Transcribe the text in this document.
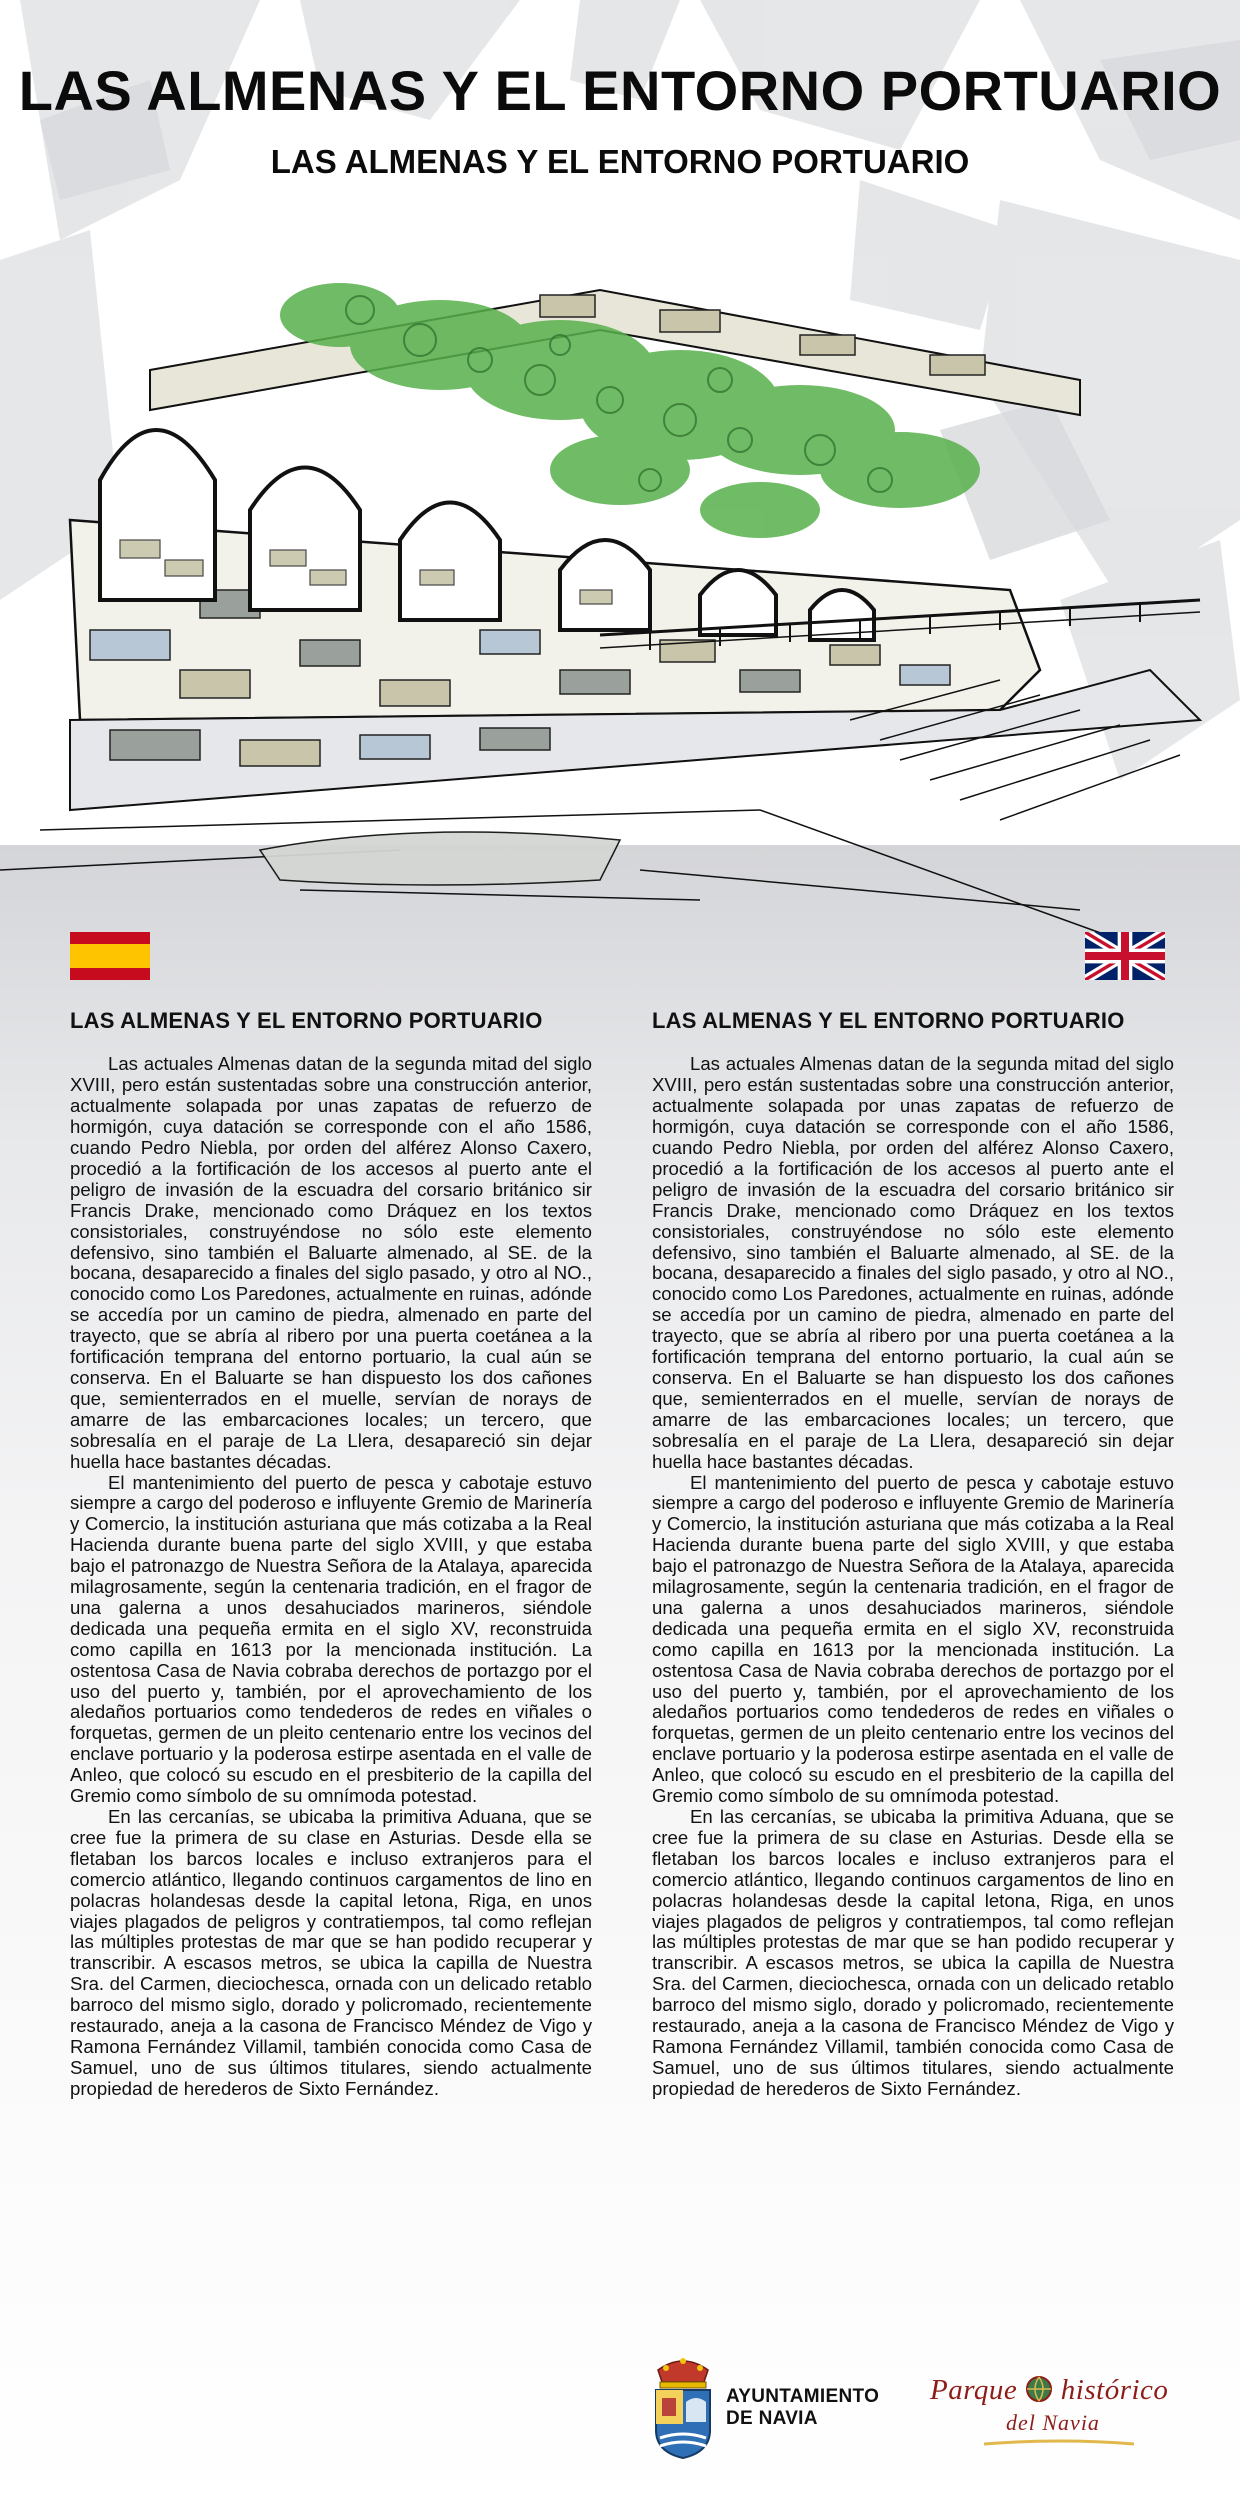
LAS ALMENAS Y EL ENTORNO PORTUARIO
LAS ALMENAS Y EL ENTORNO PORTUARIO
LAS ALMENAS Y EL ENTORNO PORTUARIO

Las actuales Almenas datan de la segunda mitad del siglo XVIII, pero están sustentadas sobre una construcción anterior, actualmente solapada por unas zapatas de refuerzo de hormigón, cuya datación se corresponde con el año 1586, cuando Pedro Niebla, por orden del alférez Alonso Caxero, procedió a la fortificación de los accesos al puerto ante el peligro de invasión de la escuadra del corsario británico sir Francis Drake, mencionado como Dráquez en los textos consistoriales, construyéndose no sólo este elemento defensivo, sino también el Baluarte almenado, al SE. de la bocana, desaparecido a finales del siglo pasado, y otro al NO., conocido como Los Paredones, actualmente en ruinas, adónde se accedía por un camino de piedra, almenado en parte del trayecto, que se abría al ribero por una puerta coetánea a la fortificación temprana del entorno portuario, la cual aún se conserva. En el Baluarte se han dispuesto los dos cañones que, semienterrados en el muelle, servían de norays de amarre de las embarcaciones locales; un tercero, que sobresalía en el paraje de La Llera, desapareció sin dejar huella hace bastantes décadas.

El mantenimiento del puerto de pesca y cabotaje estuvo siempre a cargo del poderoso e influyente Gremio de Marinería y Comercio, la institución asturiana que más cotizaba a la Real Hacienda durante buena parte del siglo XVIII, y que estaba bajo el patronazgo de Nuestra Señora de la Atalaya, aparecida milagrosamente, según la centenaria tradición, en el fragor de una galerna a unos desahuciados marineros, siéndole dedicada una pequeña ermita en el siglo XV, reconstruida como capilla en 1613 por la mencionada institución. La ostentosa Casa de Navia cobraba derechos de portazgo por el uso del puerto y, también, por el aprovechamiento de los aledaños portuarios como tendederos de redes en viñales o forquetas, germen de un pleito centenario entre los vecinos del enclave portuario y la poderosa estirpe asentada en el valle de Anleo, que colocó su escudo en el presbiterio de la capilla del Gremio como símbolo de su omnímoda potestad.

En las cercanías, se ubicaba la primitiva Aduana, que se cree fue la primera de su clase en Asturias. Desde ella se fletaban los barcos locales e incluso extranjeros para el comercio atlántico, llegando continuos cargamentos de lino en polacras holandesas desde la capital letona, Riga, en unos viajes plagados de peligros y contratiempos, tal como reflejan las múltiples protestas de mar que se han podido recuperar y transcribir. A escasos metros, se ubica la capilla de Nuestra Sra. del Carmen, dieciochesca, ornada con un delicado retablo barroco del mismo siglo, dorado y policromado, recientemente restaurado, aneja a la casona de Francisco Méndez de Vigo y Ramona Fernández Villamil, también conocida como Casa de Samuel, uno de sus últimos titulares, siendo actualmente propiedad de herederos de Sixto Fernández.

LAS ALMENAS Y EL ENTORNO PORTUARIO

Las actuales Almenas datan de la segunda mitad del siglo XVIII, pero están sustentadas sobre una construcción anterior, actualmente solapada por unas zapatas de refuerzo de hormigón, cuya datación se corresponde con el año 1586, cuando Pedro Niebla, por orden del alférez Alonso Caxero, procedió a la fortificación de los accesos al puerto ante el peligro de invasión de la escuadra del corsario británico sir Francis Drake, mencionado como Dráquez en los textos consistoriales, construyéndose no sólo este elemento defensivo, sino también el Baluarte almenado, al SE. de la bocana, desaparecido a finales del siglo pasado, y otro al NO., conocido como Los Paredones, actualmente en ruinas, adónde se accedía por un camino de piedra, almenado en parte del trayecto, que se abría al ribero por una puerta coetánea a la fortificación temprana del entorno portuario, la cual aún se conserva. En el Baluarte se han dispuesto los dos cañones que, semienterrados en el muelle, servían de norays de amarre de las embarcaciones locales; un tercero, que sobresalía en el paraje de La Llera, desapareció sin dejar huella hace bastantes décadas.

El mantenimiento del puerto de pesca y cabotaje estuvo siempre a cargo del poderoso e influyente Gremio de Marinería y Comercio, la institución asturiana que más cotizaba a la Real Hacienda durante buena parte del siglo XVIII, y que estaba bajo el patronazgo de Nuestra Señora de la Atalaya, aparecida milagrosamente, según la centenaria tradición, en el fragor de una galerna a unos desahuciados marineros, siéndole dedicada una pequeña ermita en el siglo XV, reconstruida como capilla en 1613 por la mencionada institución. La ostentosa Casa de Navia cobraba derechos de portazgo por el uso del puerto y, también, por el aprovechamiento de los aledaños portuarios como tendederos de redes en viñales o forquetas, germen de un pleito centenario entre los vecinos del enclave portuario y la poderosa estirpe asentada en el valle de Anleo, que colocó su escudo en el presbiterio de la capilla del Gremio como símbolo de su omnímoda potestad.

En las cercanías, se ubicaba la primitiva Aduana, que se cree fue la primera de su clase en Asturias. Desde ella se fletaban los barcos locales e incluso extranjeros para el comercio atlántico, llegando continuos cargamentos de lino en polacras holandesas desde la capital letona, Riga, en unos viajes plagados de peligros y contratiempos, tal como reflejan las múltiples protestas de mar que se han podido recuperar y transcribir. A escasos metros, se ubica la capilla de Nuestra Sra. del Carmen, dieciochesca, ornada con un delicado retablo barroco del mismo siglo, dorado y policromado, recientemente restaurado, aneja a la casona de Francisco Méndez de Vigo y Ramona Fernández Villamil, también conocida como Casa de Samuel, uno de sus últimos titulares, siendo actualmente propiedad de herederos de Sixto Fernández.

AYUNTAMIENTO
DE NAVIA
Parque histórico
del Navia
